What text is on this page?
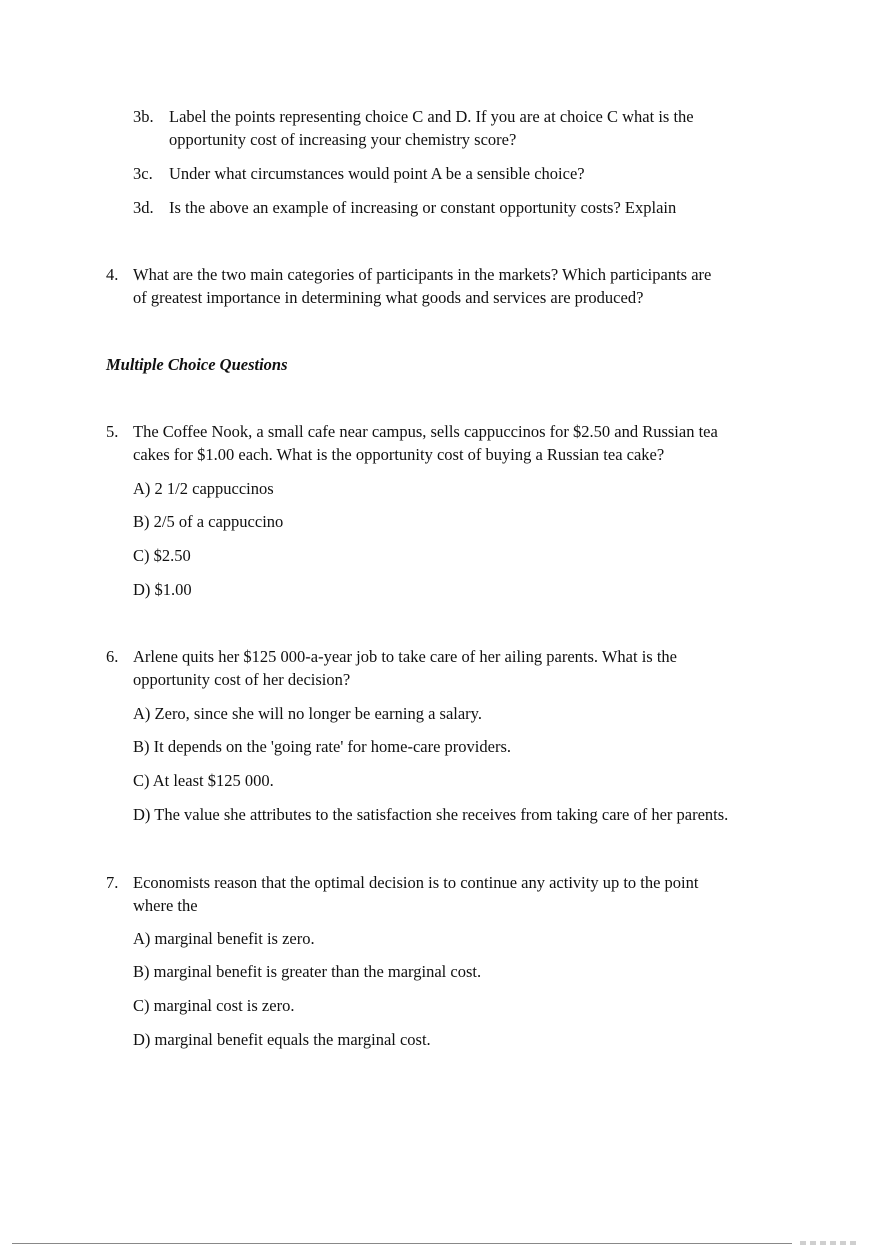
3b. Label the points representing choice C and D. If you are at choice C what is the
opportunity cost of increasing your chemistry score?
3c. Under what circumstances would point A be a sensible choice?
3d. Is the above an example of increasing or constant opportunity costs? Explain
4. What are the two main categories of participants in the markets? Which participants are
of greatest importance in determining what goods and services are produced?
Multiple Choice Questions
5. The Coffee Nook, a small cafe near campus, sells cappuccinos for $2.50 and Russian tea
cakes for $1.00 each. What is the opportunity cost of buying a Russian tea cake?
A) 2 1/2 cappuccinos
B) 2/5 of a cappuccino
C) $2.50
D) $1.00
6. Arlene quits her $125 000-a-year job to take care of her ailing parents. What is the
opportunity cost of her decision?
A) Zero, since she will no longer be earning a salary.
B) It depends on the 'going rate' for home-care providers.
C) At least $125 000.
D) The value she attributes to the satisfaction she receives from taking care of her parents.
7. Economists reason that the optimal decision is to continue any activity up to the point
where the
A) marginal benefit is zero.
B) marginal benefit is greater than the marginal cost.
C) marginal cost is zero.
D) marginal benefit equals the marginal cost.
